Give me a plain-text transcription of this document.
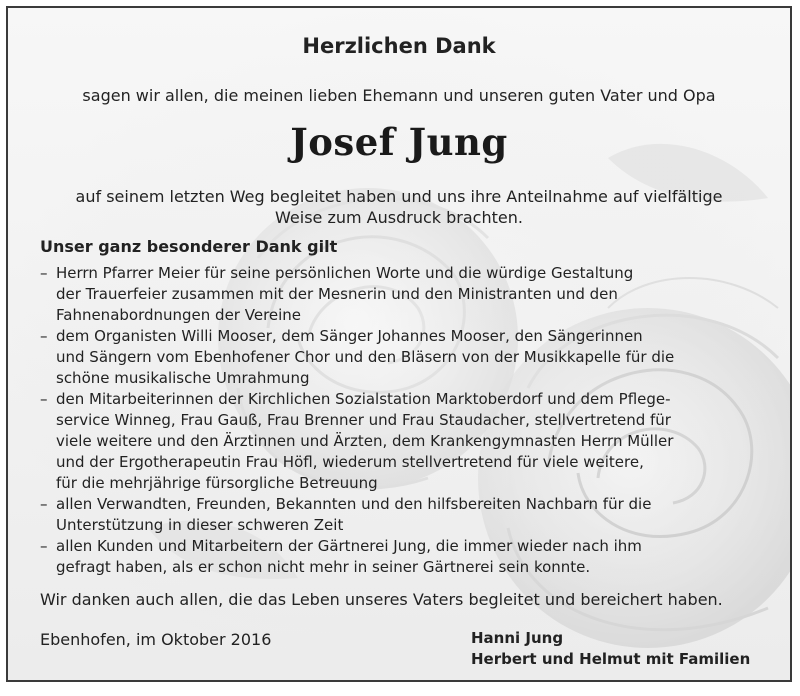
Herzlichen Dank
sagen wir allen, die meinen lieben Ehemann und unseren guten Vater und Opa
Josef Jung
auf seinem letzten Weg begleitet haben und uns ihre Anteilnahme auf vielfältige
Weise zum Ausdruck brachten.
Unser ganz besonderer Dank gilt
– Herrn Pfarrer Meier für seine persönlichen Worte und die würdige Gestaltung
der Trauerfeier zusammen mit der Mesnerin und den Ministranten und den
Fahnenabordnungen der Vereine
– dem Organisten Willi Mooser, dem Sänger Johannes Mooser, den Sängerinnen
und Sängern vom Ebenhofener Chor und den Bläsern von der Musikkapelle für die
schöne musikalische Umrahmung
– den Mitarbeiterinnen der Kirchlichen Sozialstation Marktoberdorf und dem Pflege-
service Winneg, Frau Gauß, Frau Brenner und Frau Staudacher, stellvertretend für
viele weitere und den Ärztinnen und Ärzten, dem Krankengymnasten Herrn Müller
und der Ergotherapeutin Frau Höfl, wiederum stellvertretend für viele weitere,
für die mehrjährige fürsorgliche Betreuung
– allen Verwandten, Freunden, Bekannten und den hilfsbereiten Nachbarn für die
Unterstützung in dieser schweren Zeit
– allen Kunden und Mitarbeitern der Gärtnerei Jung, die immer wieder nach ihm
gefragt haben, als er schon nicht mehr in seiner Gärtnerei sein konnte.
Wir danken auch allen, die das Leben unseres Vaters begleitet und bereichert haben.
Ebenhofen, im Oktober 2016	Hanni Jung
Herbert und Helmut mit Familien
